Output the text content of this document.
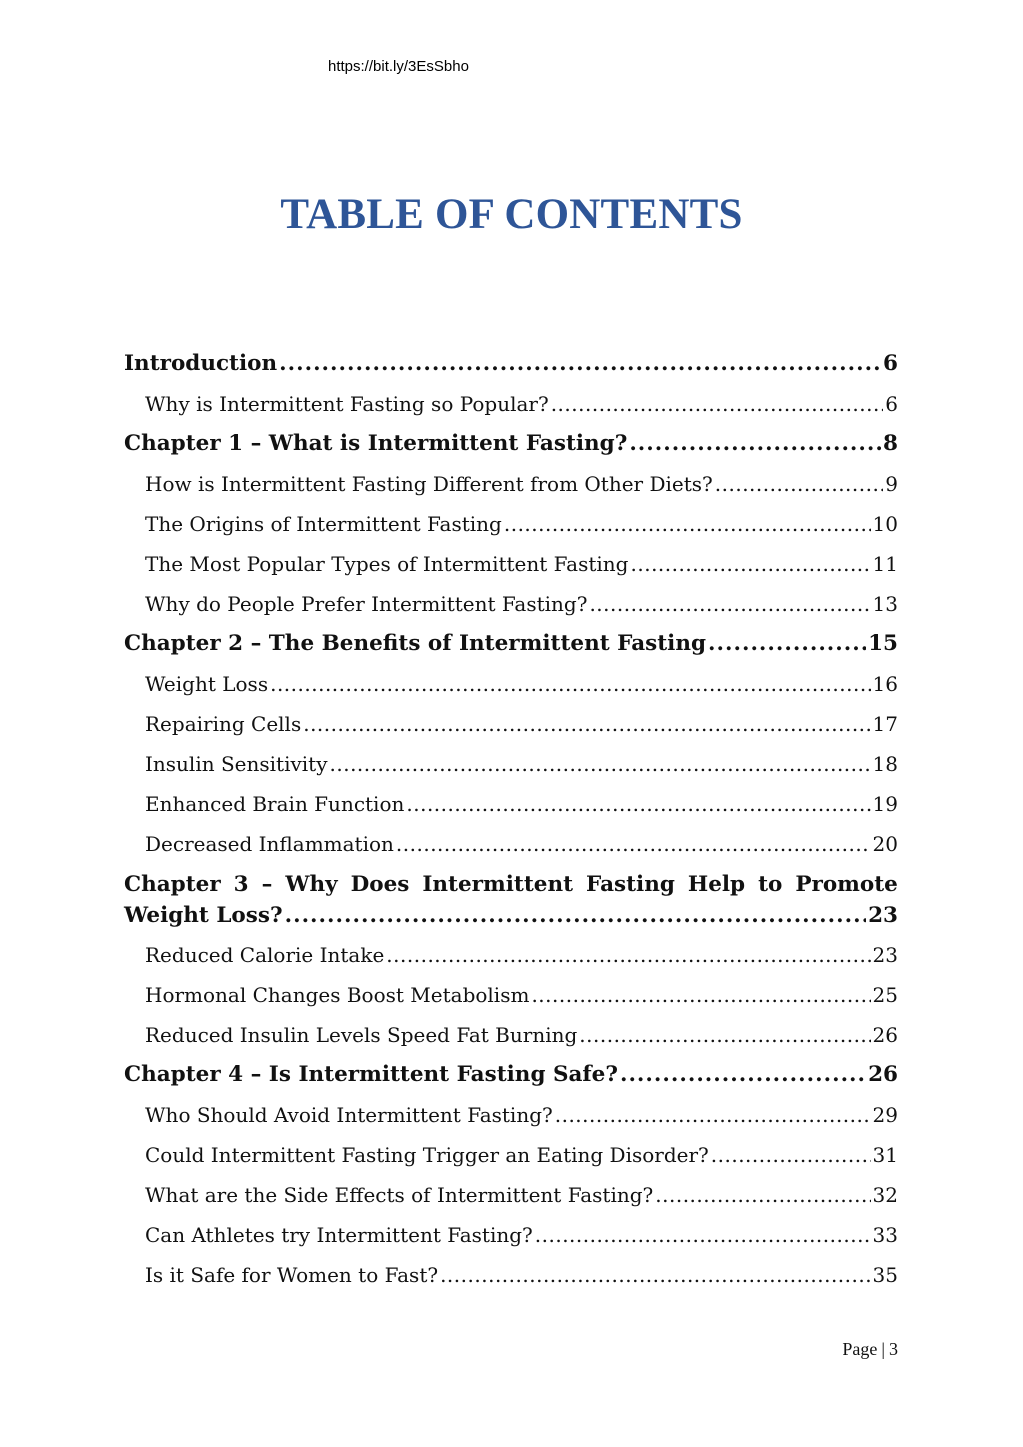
https://bit.ly/3EsSbho
TABLE OF CONTENTS
Introduction .....	6
Why is Intermittent Fasting so Popular? .....	6
Chapter 1 – What is Intermittent Fasting? .....	8
How is Intermittent Fasting Different from Other Diets? .....	9
The Origins of Intermittent Fasting .....	10
The Most Popular Types of Intermittent Fasting .....	11
Why do People Prefer Intermittent Fasting? .....	13
Chapter 2 – The Benefits of Intermittent Fasting .....	15
Weight Loss .....	16
Repairing Cells .....	17
Insulin Sensitivity .....	18
Enhanced Brain Function .....	19
Decreased Inflammation .....	20
Chapter 3 – Why Does Intermittent Fasting Help to Promote
Weight Loss? .....	23
Reduced Calorie Intake .....	23
Hormonal Changes Boost Metabolism .....	25
Reduced Insulin Levels Speed Fat Burning .....	26
Chapter 4 – Is Intermittent Fasting Safe? .....	26
Who Should Avoid Intermittent Fasting? .....	29
Could Intermittent Fasting Trigger an Eating Disorder? .....	31
What are the Side Effects of Intermittent Fasting? .....	32
Can Athletes try Intermittent Fasting? .....	33
Is it Safe for Women to Fast? .....	35
Page | 3
